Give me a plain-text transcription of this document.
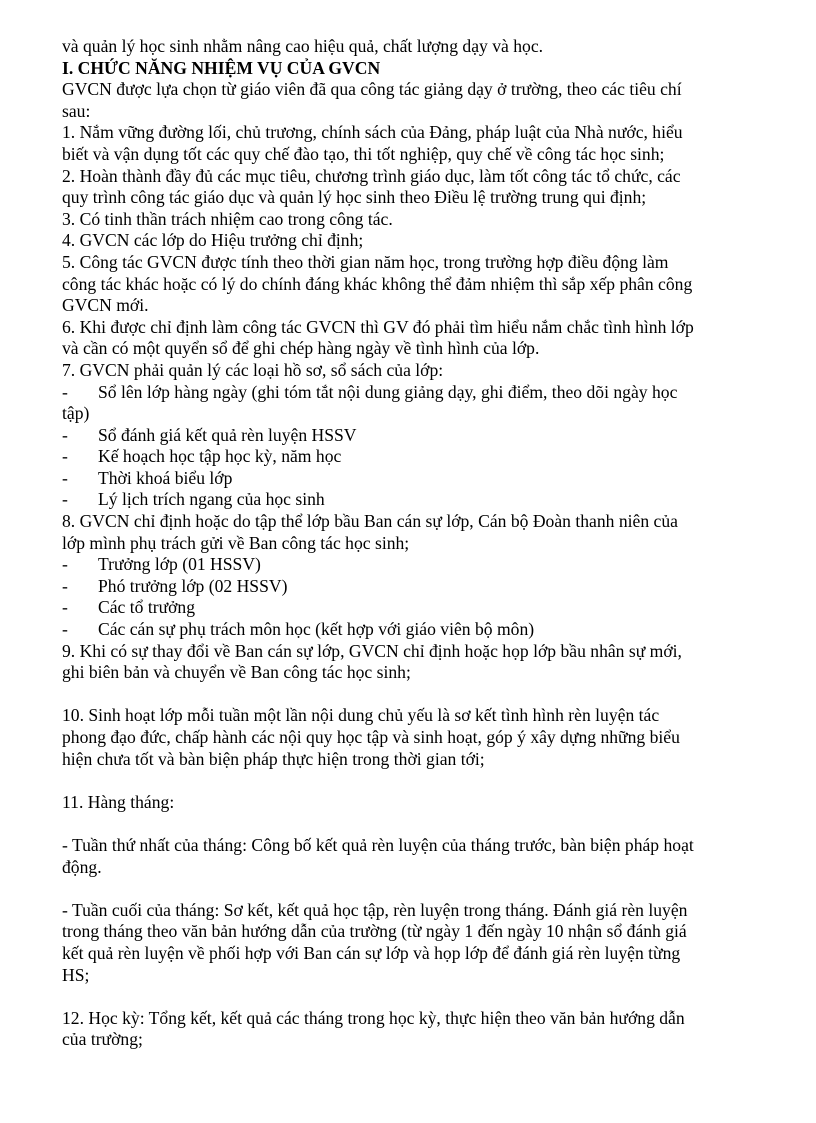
và quản lý học sinh nhằm nâng cao hiệu quả, chất lượng dạy và học.
I. CHỨC NĂNG NHIỆM VỤ CỦA GVCN
GVCN được lựa chọn từ giáo viên đã qua công tác giảng dạy ở trường, theo các tiêu chí
sau:
1. Nắm vững đường lối, chủ trương, chính sách của Đảng, pháp luật của Nhà nước, hiểu
biết và vận dụng tốt các quy chế đào tạo, thi tốt nghiệp, quy chế về công tác học sinh;
2. Hoàn thành đầy đủ các mục tiêu, chương trình giáo dục, làm tốt công tác tổ chức, các
quy trình công tác giáo dục và quản lý học sinh theo Điều lệ trường trung qui định;
3. Có tinh thần trách nhiệm cao trong công tác.
4. GVCN các lớp do Hiệu trưởng chỉ định;
5. Công tác GVCN được tính theo thời gian năm học, trong trường hợp điều động làm
công tác khác hoặc có lý do chính đáng khác không thể đảm nhiệm thì sắp xếp phân công
GVCN mới.
6. Khi được chỉ định làm công tác GVCN thì GV đó phải tìm hiểu nắm chắc tình hình lớp
và cần có một quyển sổ để ghi chép hàng ngày về tình hình của lớp.
7. GVCN phải quản lý các loại hồ sơ, sổ sách của lớp:
-	Sổ lên lớp hàng ngày (ghi tóm tắt nội dung giảng dạy, ghi điểm, theo dõi ngày học
tập)
-	Sổ đánh giá kết quả rèn luyện HSSV
-	Kế hoạch học tập học kỳ, năm học
-	Thời khoá biểu lớp
-	Lý lịch trích ngang của học sinh
8. GVCN chỉ định hoặc do tập thể lớp bầu Ban cán sự lớp, Cán bộ Đoàn thanh niên của
lớp mình phụ trách gửi về Ban công tác học sinh;
-	Trưởng lớp (01 HSSV)
-	Phó trưởng lớp (02 HSSV)
-	Các tổ trưởng
-	Các cán sự phụ trách môn học (kết hợp với giáo viên bộ môn)
9. Khi có sự thay đổi về Ban cán sự lớp, GVCN chỉ định hoặc họp lớp bầu nhân sự mới,
ghi biên bản và chuyển về Ban công tác học sinh;
10. Sinh hoạt lớp mỗi tuần một lần nội dung chủ yếu là sơ kết tình hình rèn luyện tác
phong đạo đức, chấp hành các nội quy học tập và sinh hoạt, góp ý xây dựng những biểu
hiện chưa tốt và bàn biện pháp thực hiện trong thời gian tới;
11. Hàng tháng:
- Tuần thứ nhất của tháng: Công bố kết quả rèn luyện của tháng trước, bàn biện pháp hoạt
động.
- Tuần cuối của tháng: Sơ kết, kết quả học tập, rèn luyện trong tháng. Đánh giá rèn luyện
trong tháng theo văn bản hướng dẫn của trường (từ ngày 1 đến ngày 10 nhận sổ đánh giá
kết quả rèn luyện về phối hợp với Ban cán sự lớp và họp lớp để đánh giá rèn luyện từng
HS;
12. Học kỳ: Tổng kết, kết quả các tháng trong học kỳ, thực hiện theo văn bản hướng dẫn
của trường;
